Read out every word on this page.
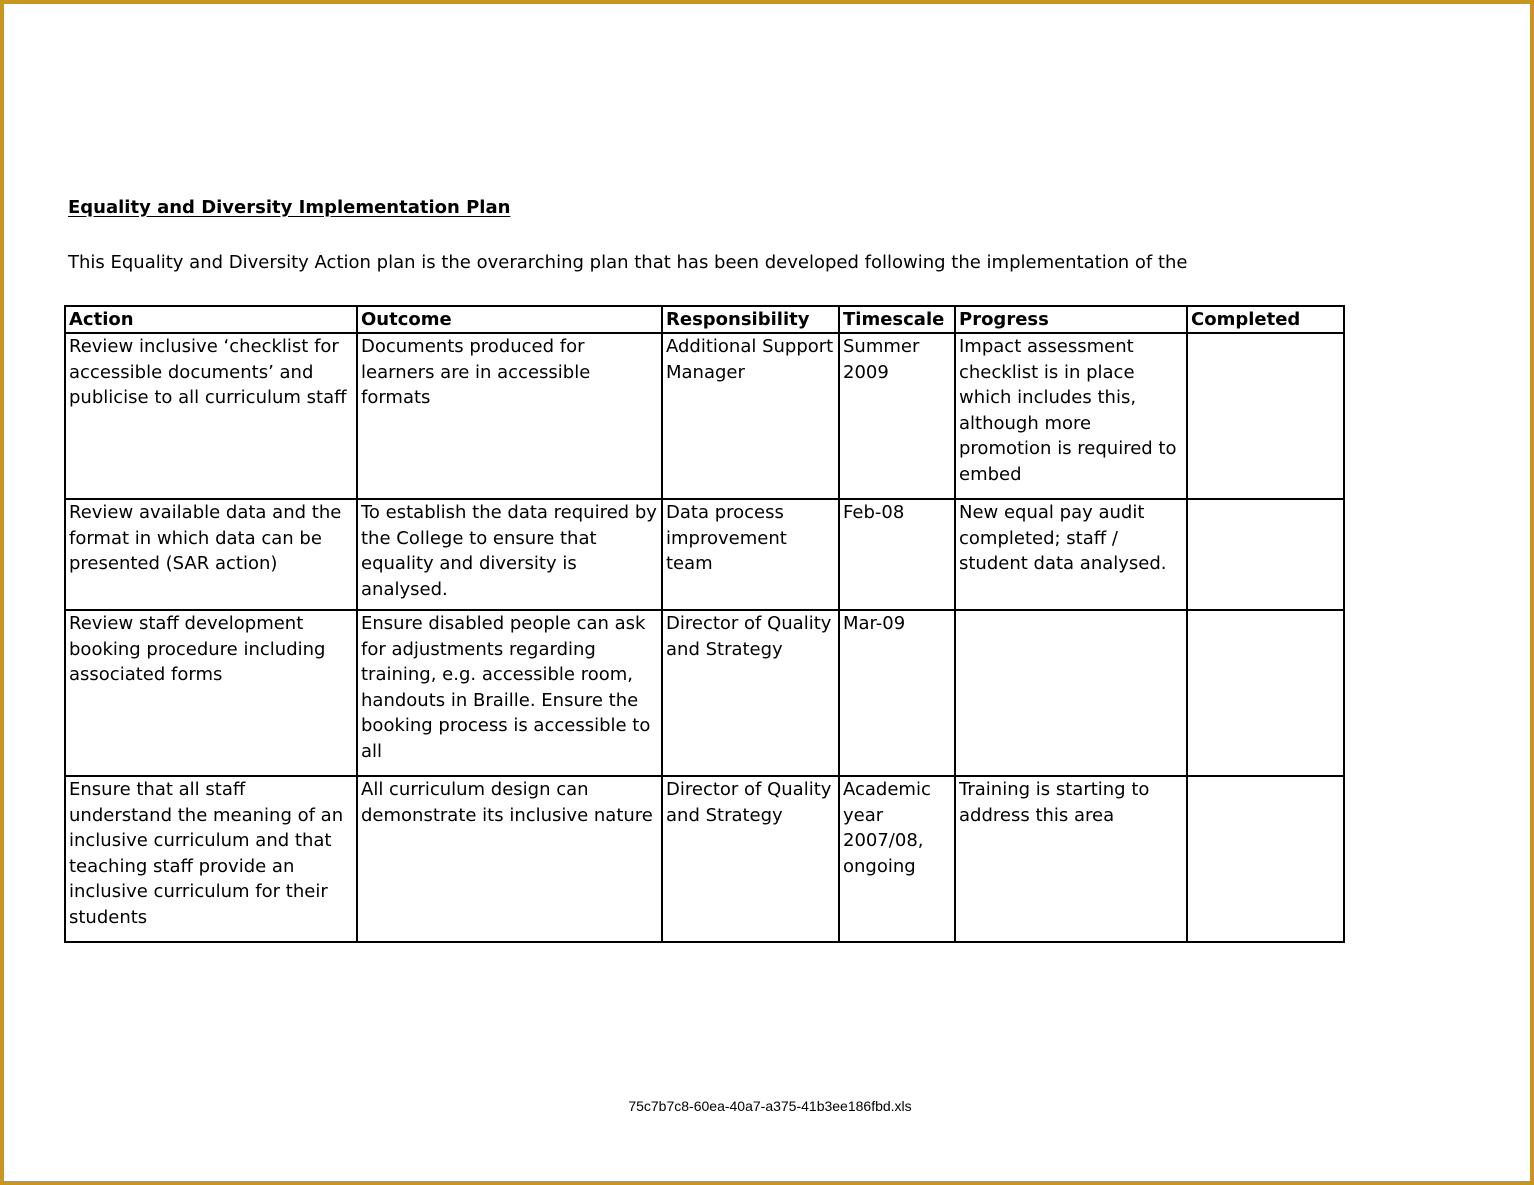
Equality and Diversity Implementation Plan
This Equality and Diversity Action plan is the overarching plan that has been developed following the implementation of the
Action	Outcome	Responsibility	Timescale	Progress	Completed
Review inclusive ‘checklist for accessible documents’ and publicise to all curriculum staff	Documents produced for learners are in accessible formats	Additional Support Manager	Summer 2009	Impact assessment checklist is in place which includes this, although more promotion is required to embed	
Review available data and the format in which data can be presented (SAR action)	To establish the data required by the College to ensure that equality and diversity is analysed.	Data process improvement team	Feb-08	New equal pay audit completed; staff / student data analysed.	
Review staff development booking procedure including associated forms	Ensure disabled people can ask for adjustments regarding training, e.g. accessible room, handouts in Braille. Ensure the booking process is accessible to all	Director of Quality and Strategy	Mar-09		
Ensure that all staff understand the meaning of an inclusive curriculum and that teaching staff provide an inclusive curriculum for their students	All curriculum design can demonstrate its inclusive nature	Director of Quality and Strategy	Academic year 2007/08, ongoing	Training is starting to address this area	
75c7b7c8-60ea-40a7-a375-41b3ee186fbd.xls
